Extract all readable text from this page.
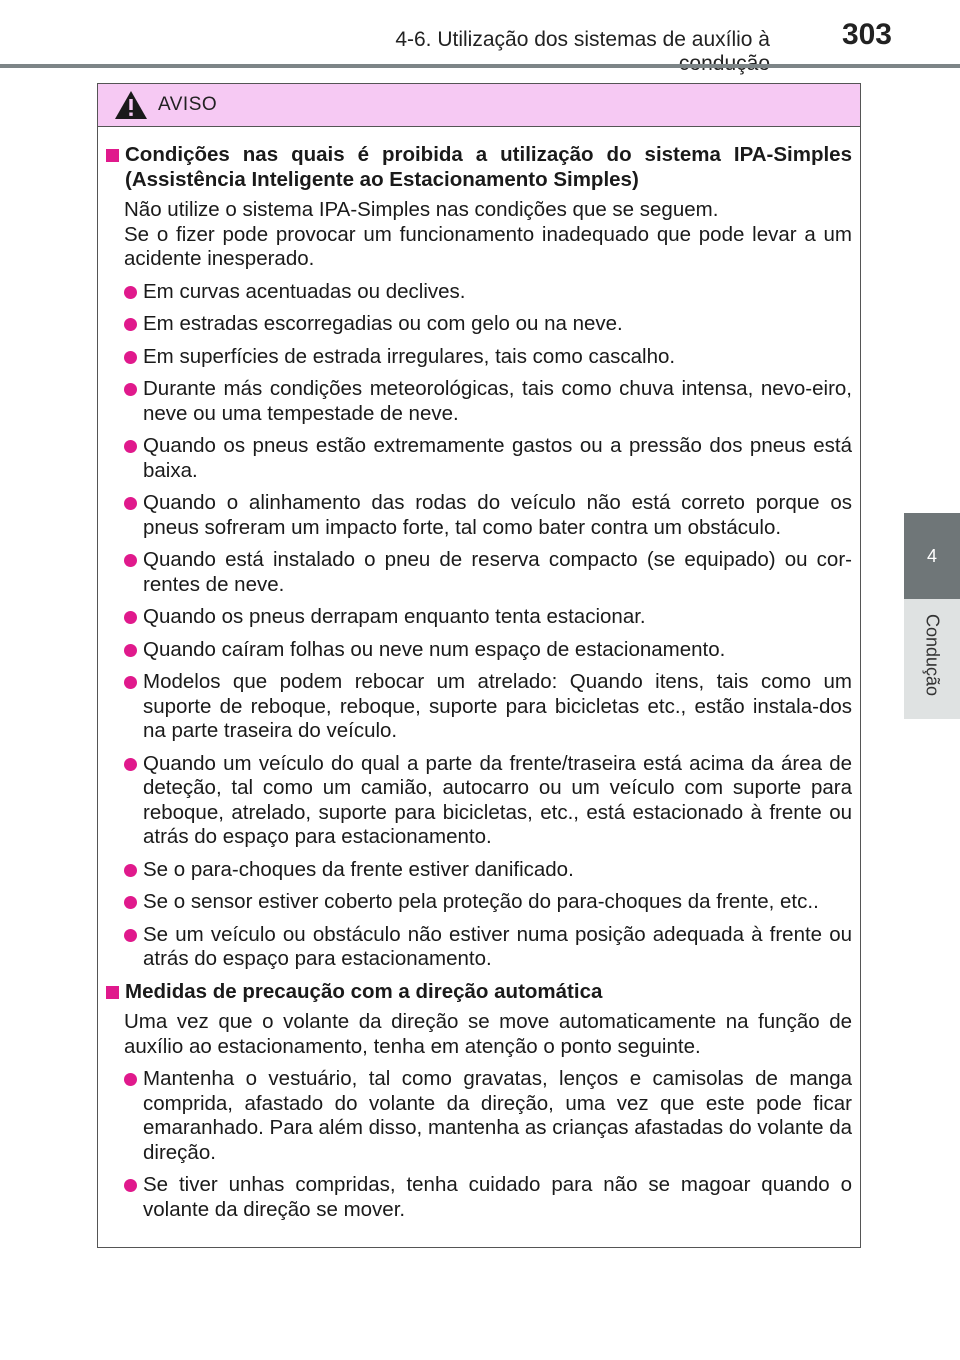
4-6. Utilização dos sistemas de auxílio à	303
4
Condução
AVISO
Condições nas quais é proibida a utilização do sistema IPA-Simples (Assistência Inteligente ao Estacionamento Simples)
Não utilize o sistema IPA-Simples nas condições que se seguem.
Se o fizer pode provocar um funcionamento inadequado que pode levar a um acidente inesperado.
Em curvas acentuadas ou declives.
Em estradas escorregadias ou com gelo ou na neve.
Em superfícies de estrada irregulares, tais como cascalho.
Durante más condições meteorológicas, tais como chuva intensa, nevo-eiro, neve ou uma tempestade de neve.
Quando os pneus estão extremamente gastos ou a pressão dos pneus está baixa.
Quando o alinhamento das rodas do veículo não está correto porque os pneus sofreram um impacto forte, tal como bater contra um obstáculo.
Quando está instalado o pneu de reserva compacto (se equipado) ou cor-rentes de neve.
Quando os pneus derrapam enquanto tenta estacionar.
Quando caíram folhas ou neve num espaço de estacionamento.
Modelos que podem rebocar um atrelado: Quando itens, tais como um suporte de reboque, reboque, suporte para bicicletas etc., estão instala-dos na parte traseira do veículo.
Quando um veículo do qual a parte da frente/traseira está acima da área de deteção, tal como um camião, autocarro ou um veículo com suporte para reboque, atrelado, suporte para bicicletas, etc., está estacionado à frente ou atrás do espaço para estacionamento.
Se o para-choques da frente estiver danificado.
Se o sensor estiver coberto pela proteção do para-choques da frente, etc..
Se um veículo ou obstáculo não estiver numa posição adequada à frente ou atrás do espaço para estacionamento.
Medidas de precaução com a direção automática
Uma vez que o volante da direção se move automaticamente na função de auxílio ao estacionamento, tenha em atenção o ponto seguinte.
Mantenha o vestuário, tal como gravatas, lenços e camisolas de manga comprida, afastado do volante da direção, uma vez que este pode ficar emaranhado. Para além disso, mantenha as crianças afastadas do volante da direção.
Se tiver unhas compridas, tenha cuidado para não se magoar quando o volante da direção se mover.
